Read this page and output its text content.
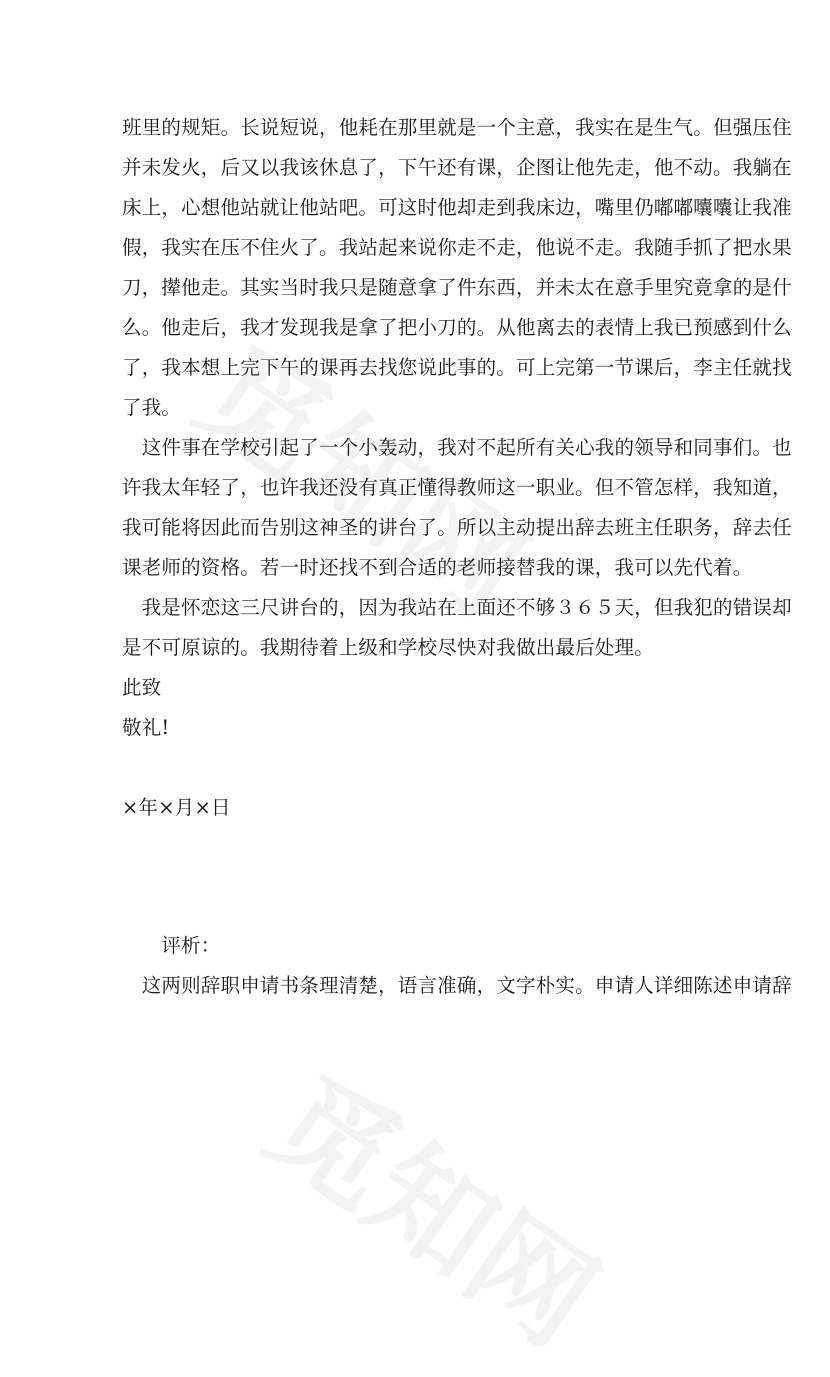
班里的规矩。长说短说，他耗在那里就是一个主意，我实在是生气。但强压住
并未发火，后又以我该休息了，下午还有课，企图让他先走，他不动。我躺在
床上，心想他站就让他站吧。可这时他却走到我床边，嘴里仍嘟嘟囔囔让我准
假，我实在压不住火了。我站起来说你走不走，他说不走。我随手抓了把水果
刀，撵他走。其实当时我只是随意拿了件东西，并未太在意手里究竟拿的是什
么。他走后，我才发现我是拿了把小刀的。从他离去的表情上我已预感到什么
了，我本想上完下午的课再去找您说此事的。可上完第一节课后，李主任就找
了我。
　这件事在学校引起了一个小轰动，我对不起所有关心我的领导和同事们。也
许我太年轻了，也许我还没有真正懂得教师这一职业。但不管怎样，我知道，
我可能将因此而告别这神圣的讲台了。所以主动提出辞去班主任职务，辞去任
课老师的资格。若一时还找不到合适的老师接替我的课，我可以先代着。
　我是怀恋这三尺讲台的，因为我站在上面还不够３６５天，但我犯的错误却
是不可原谅的。我期待着上级和学校尽快对我做出最后处理。
此致
敬礼!
×年×月×日
　　评析：
　这两则辞职申请书条理清楚，语言准确，文字朴实。申请人详细陈述申请辞
